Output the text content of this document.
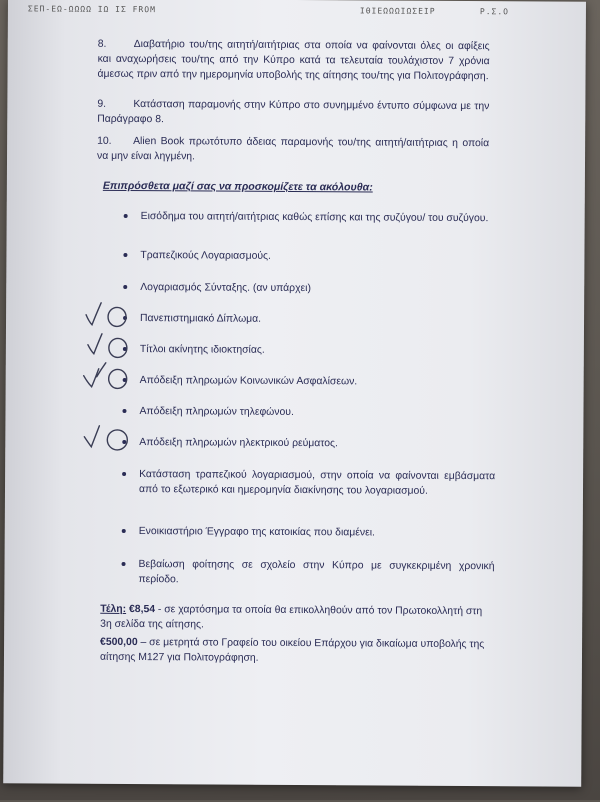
ΣΕΠ-ΕΩ-ΩΩΩΩ ΙΩ ΙΣ FROM	ΙΘΙΕΩΩΩΙΩΣΕΙΡ	Ρ.Σ.Ο
8.	Διαβατήριο του/της αιτητή/αιτήτριας στα οποία να φαίνονται όλες οι αφίξεις και αναχωρήσεις του/της από την Κύπρο κατά τα τελευταία τουλάχιστον 7 χρόνια άμεσως πριν από την ημερομηνία υποβολής της αίτησης του/της για Πολιτογράφηση.
9.	Κατάσταση παραμονής στην Κύπρο στο συνημμένο έντυπο σύμφωνα με την Παράγραφο 8.
10.	Alien Book πρωτότυπο άδειας παραμονής του/της αιτητή/αιτήτριας η οποία να μην είναι ληγμένη.
Επιπρόσθετα μαζί σας να προσκομίζετε τα ακόλουθα:
Εισόδημα του αιτητή/αιτήτριας καθώς επίσης και της συζύγου/ του συζύγου.
Τραπεζικούς Λογαριασμούς.
Λογαριασμός Σύνταξης. (αν υπάρχει)
Πανεπιστημιακό Δίπλωμα.
Τίτλοι ακίνητης ιδιοκτησίας.
Απόδειξη πληρωμών Κοινωνικών Ασφαλίσεων.
Απόδειξη πληρωμών τηλεφώνου.
Απόδειξη πληρωμών ηλεκτρικού ρεύματος.
Κατάσταση τραπεζικού λογαριασμού, στην οποία να φαίνονται εμβάσματα από το εξωτερικό και ημερομηνία διακίνησης του λογαριασμού.
Ενοικιαστήριο Έγγραφο της κατοικίας που διαμένει.
Βεβαίωση φοίτησης σε σχολείο στην Κύπρο με συγκεκριμένη χρονική περίοδο.
Τέλη: €8,54 - σε χαρτόσημα τα οποία θα επικολληθούν από τον Πρωτοκολλητή στη 3η σελίδα της αίτησης.
€500,00 – σε μετρητά στο Γραφείο του οικείου Επάρχου για δικαίωμα υποβολής της αίτησης Μ127 για Πολιτογράφηση.
